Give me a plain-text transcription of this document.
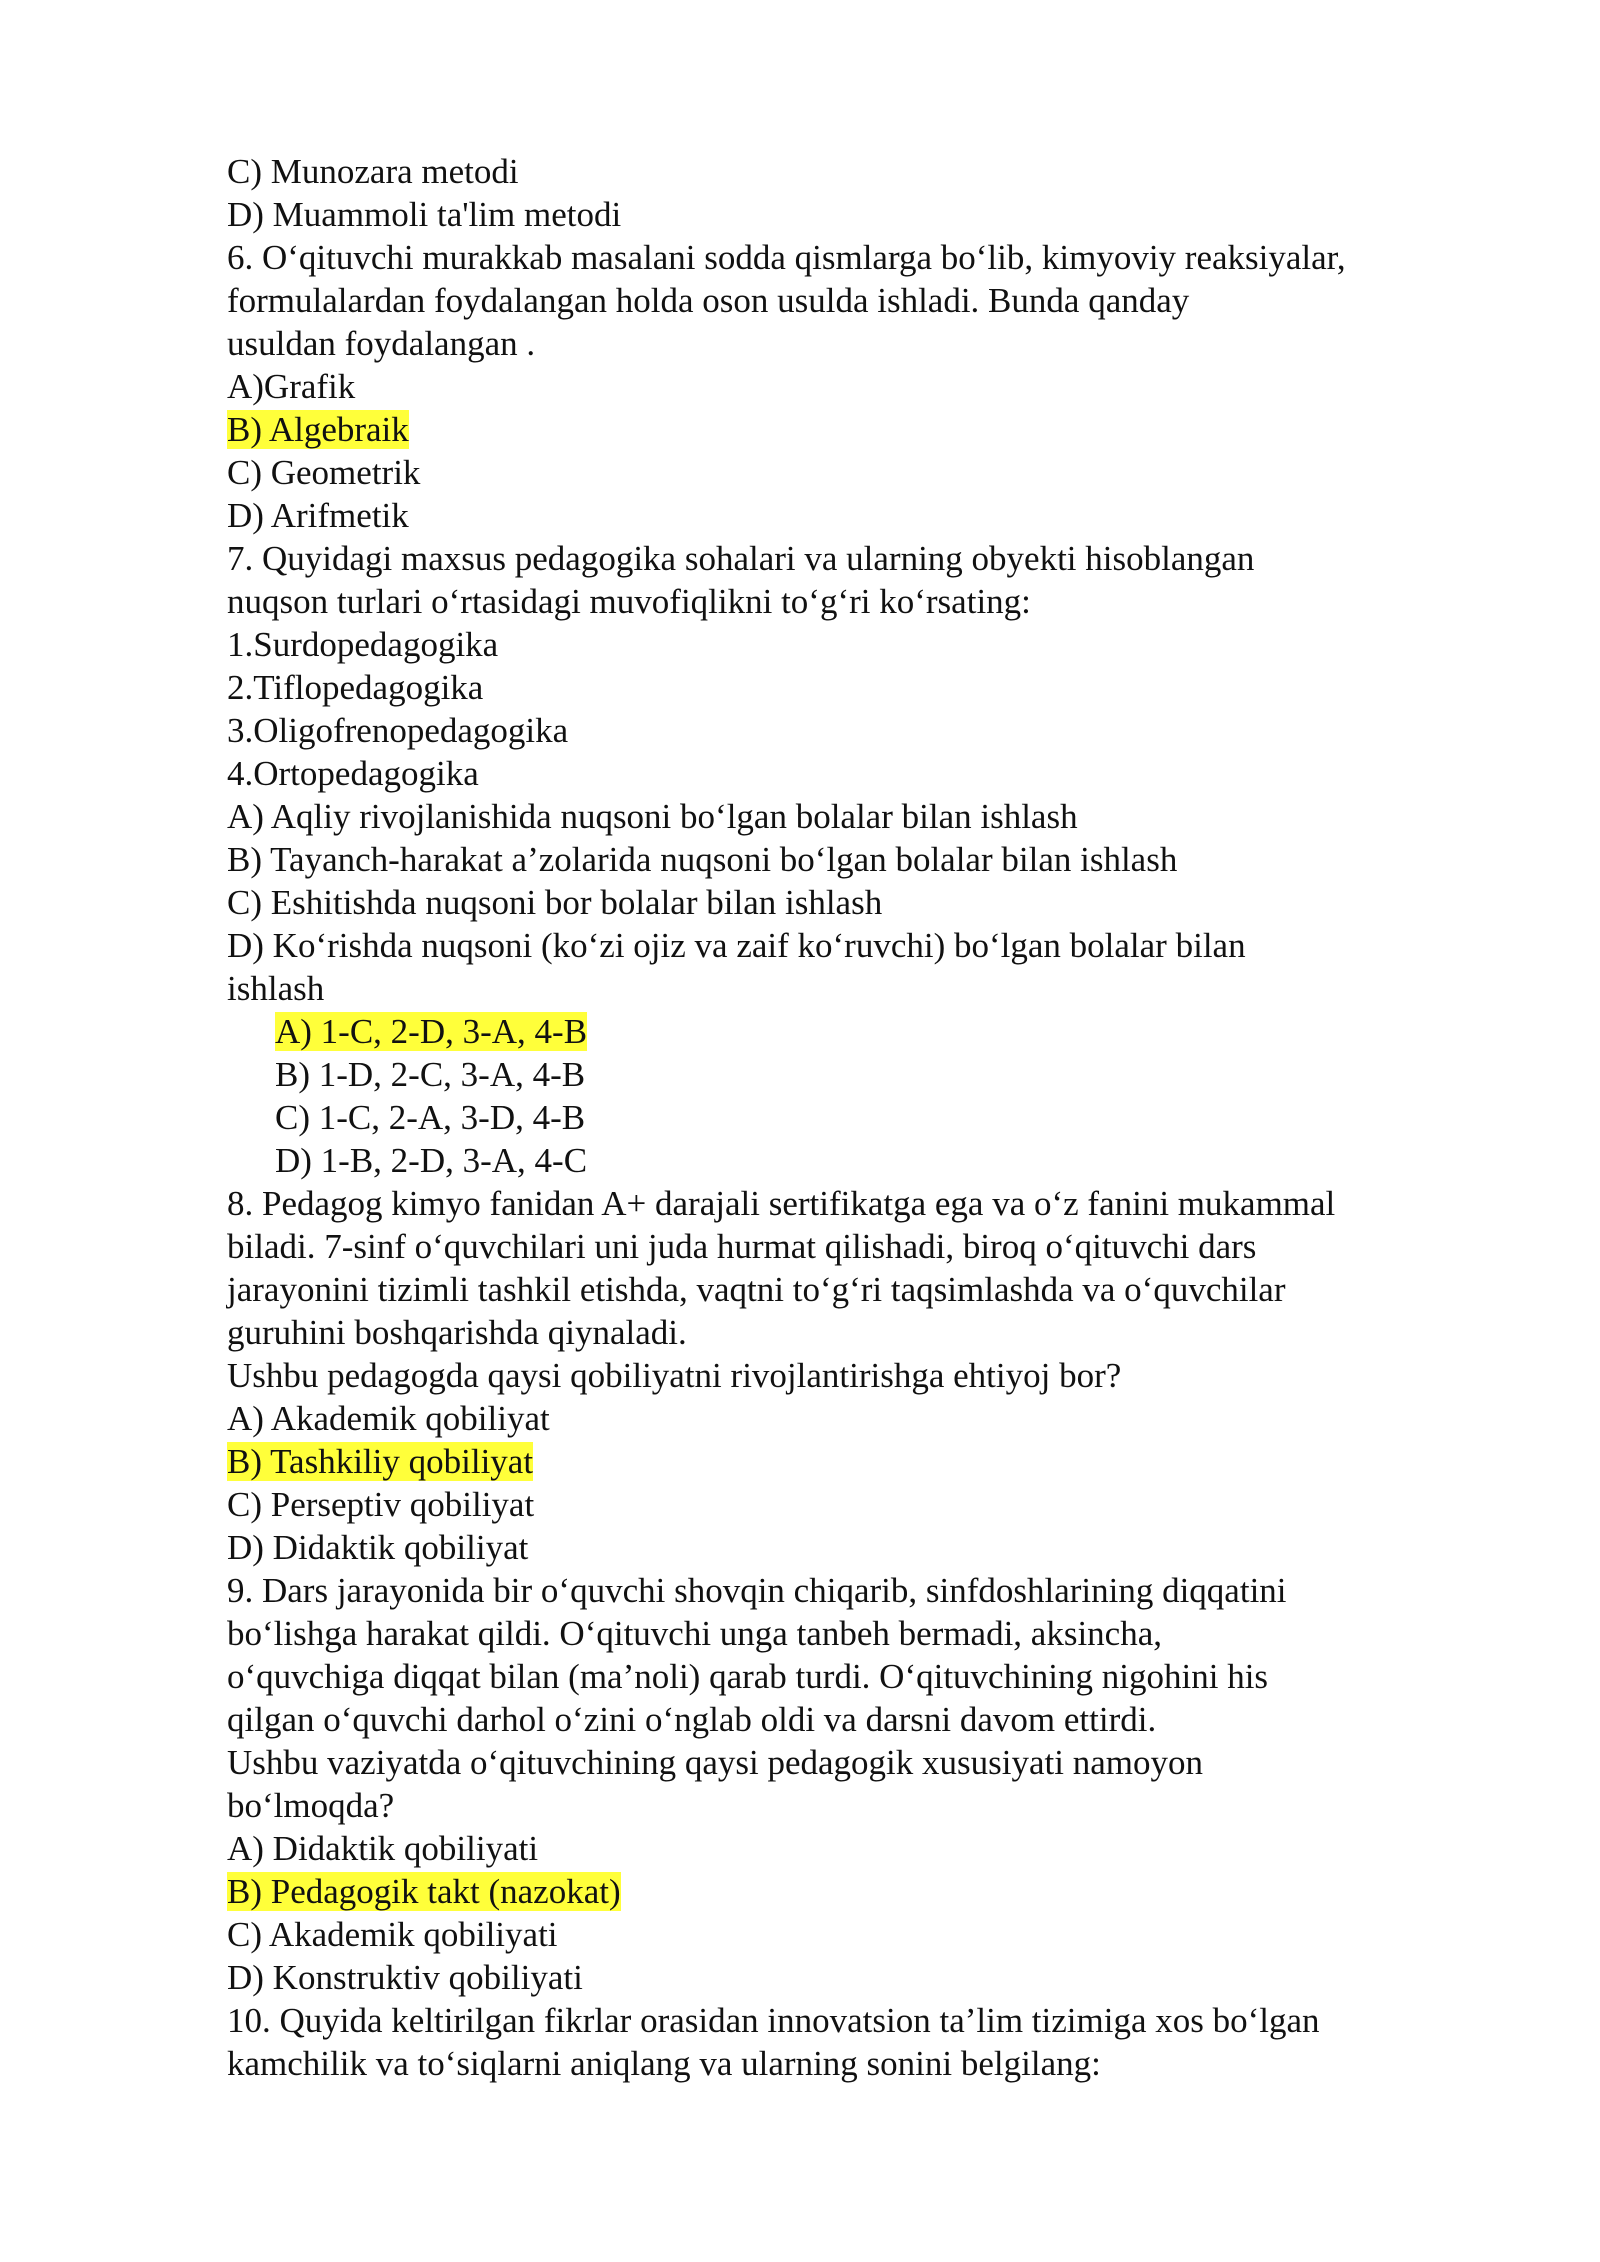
C) Munozara metodi
D) Muammoli ta'lim metodi
6. O‘qituvchi murakkab masalani sodda qismlarga bo‘lib, kimyoviy reaksiyalar,
formulalardan foydalangan holda oson usulda ishladi. Bunda qanday
usuldan foydalangan .
A)Grafik
B) Algebraik
C) Geometrik
D) Arifmetik
7. Quyidagi maxsus pedagogika sohalari va ularning obyekti hisoblangan
nuqson turlari o‘rtasidagi muvofiqlikni to‘g‘ri ko‘rsating:
1.Surdopedagogika
2.Tiflopedagogika
3.Oligofrenopedagogika
4.Ortopedagogika
A) Aqliy rivojlanishida nuqsoni bo‘lgan bolalar bilan ishlash
B) Tayanch-harakat a’zolarida nuqsoni bo‘lgan bolalar bilan ishlash
C) Eshitishda nuqsoni bor bolalar bilan ishlash
D) Ko‘rishda nuqsoni (ko‘zi ojiz va zaif ko‘ruvchi) bo‘lgan bolalar bilan
ishlash
A) 1-C, 2-D, 3-A, 4-B
B) 1-D, 2-C, 3-A, 4-B
C) 1-C, 2-A, 3-D, 4-B
D) 1-B, 2-D, 3-A, 4-C
8. Pedagog kimyo fanidan A+ darajali sertifikatga ega va o‘z fanini mukammal
biladi. 7-sinf o‘quvchilari uni juda hurmat qilishadi, biroq o‘qituvchi dars
jarayonini tizimli tashkil etishda, vaqtni to‘g‘ri taqsimlashda va o‘quvchilar
guruhini boshqarishda qiynaladi.
Ushbu pedagogda qaysi qobiliyatni rivojlantirishga ehtiyoj bor?
A) Akademik qobiliyat
B) Tashkiliy qobiliyat
C) Perseptiv qobiliyat
D) Didaktik qobiliyat
9. Dars jarayonida bir o‘quvchi shovqin chiqarib, sinfdoshlarining diqqatini
bo‘lishga harakat qildi. O‘qituvchi unga tanbeh bermadi, aksincha,
o‘quvchiga diqqat bilan (ma’noli) qarab turdi. O‘qituvchining nigohini his
qilgan o‘quvchi darhol o‘zini o‘nglab oldi va darsni davom ettirdi.
Ushbu vaziyatda o‘qituvchining qaysi pedagogik xususiyati namoyon
bo‘lmoqda?
A) Didaktik qobiliyati
B) Pedagogik takt (nazokat)
C) Akademik qobiliyati
D) Konstruktiv qobiliyati
10. Quyida keltirilgan fikrlar orasidan innovatsion ta’lim tizimiga xos bo‘lgan
kamchilik va to‘siqlarni aniqlang va ularning sonini belgilang:
